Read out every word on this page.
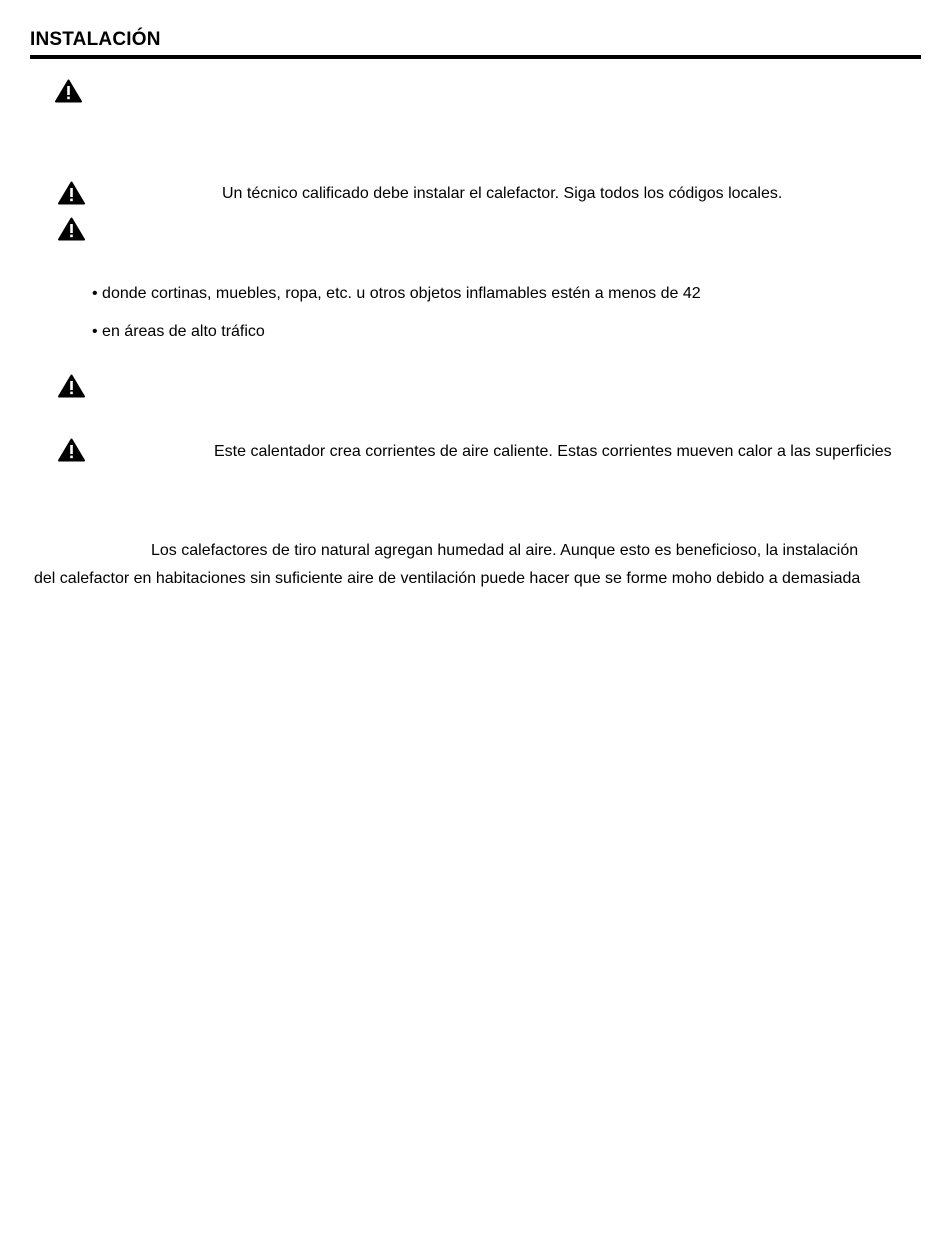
INSTALACIÓN
Un técnico calificado debe instalar el calefactor. Siga todos los códigos locales.
• donde cortinas, muebles, ropa, etc. u otros objetos inflamables estén a menos de 42
• en áreas de alto tráfico
Este calentador crea corrientes de aire caliente. Estas corrientes mueven calor a las superficies
Los calefactores de tiro natural agregan humedad al aire. Aunque esto es beneficioso, la instalación
del calefactor en habitaciones sin suficiente aire de ventilación puede hacer que se forme moho debido a demasiada
